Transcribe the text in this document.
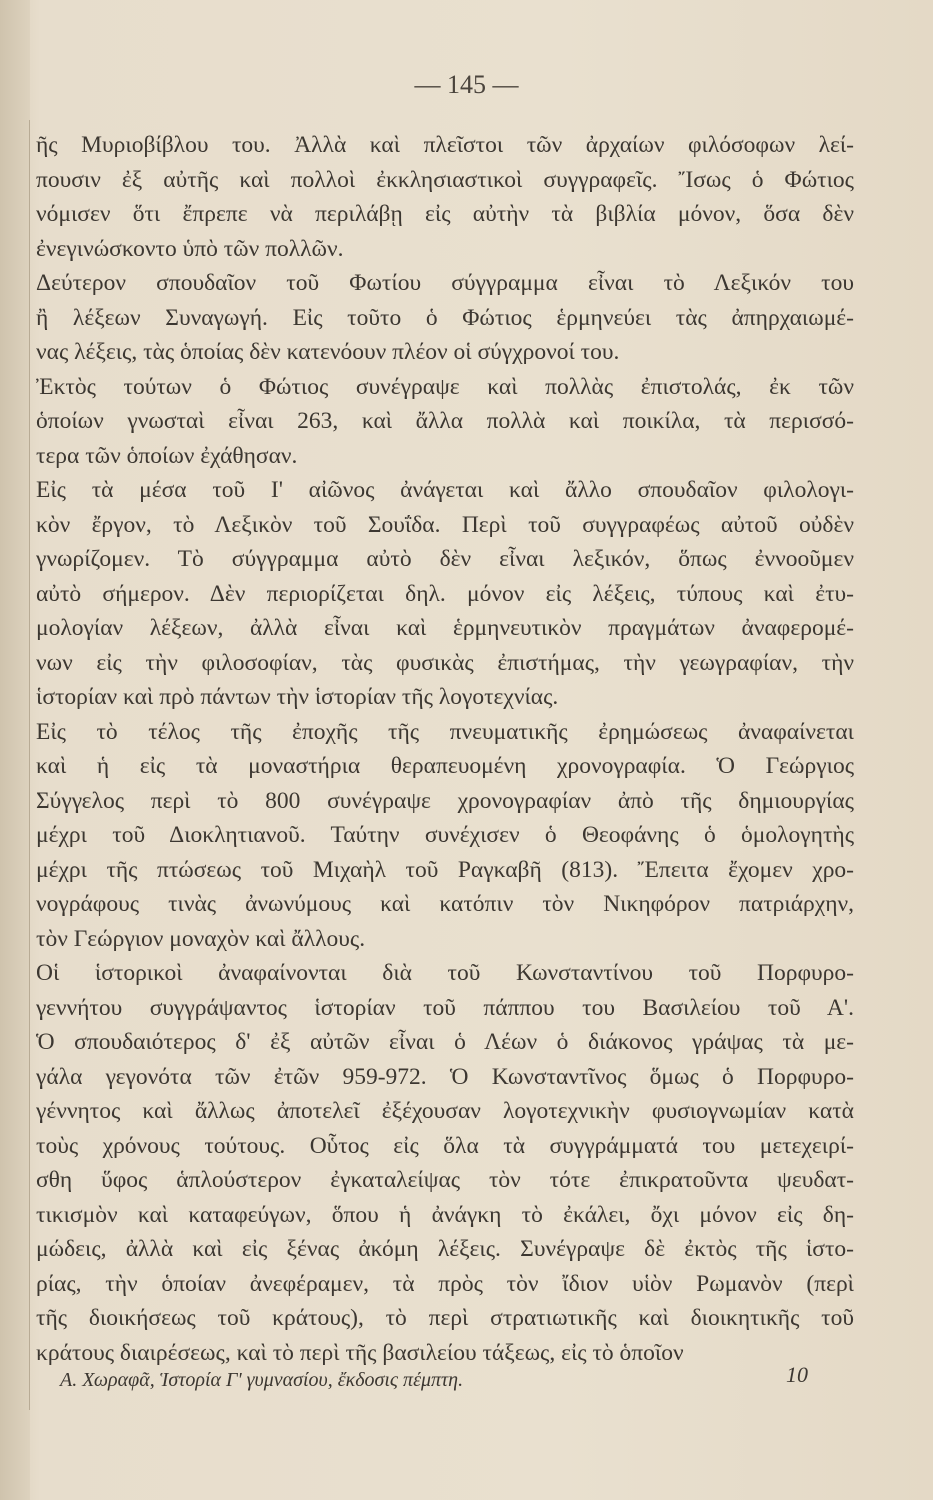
— 145 —
ῆς Μυριοβίβλου του. Ἀλλὰ καὶ πλεῖστοι τῶν ἀρχαίων φιλόσοφων λεί-
πουσιν ἐξ αὐτῆς καὶ πολλοὶ ἐκκλησιαστικοὶ συγγραφεῖς. Ἴσως ὁ Φώτιος
νόμισεν ὅτι ἔπρεπε νὰ περιλάβῃ εἰς αὐτὴν τὰ βιβλία μόνον, ὅσα δὲν
ἐνεγινώσκοντο ὑπὸ τῶν πολλῶν.
Δεύτερον σπουδαῖον τοῦ Φωτίου σύγγραμμα εἶναι τὸ Λεξικόν του
ἢ λέξεων Συναγωγή. Εἰς τοῦτο ὁ Φώτιος ἑρμηνεύει τὰς ἀπηρχαιωμέ-
νας λέξεις, τὰς ὁποίας δὲν κατενόουν πλέον οἱ σύγχρονοί του.
Ἐκτὸς τούτων ὁ Φώτιος συνέγραψε καὶ πολλὰς ἐπιστολάς, ἐκ τῶν
ὁποίων γνωσταὶ εἶναι 263, καὶ ἄλλα πολλὰ καὶ ποικίλα, τὰ περισσό-
τερα τῶν ὁποίων ἐχάθησαν.
Εἰς τὰ μέσα τοῦ Ι' αἰῶνος ἀνάγεται καὶ ἄλλο σπουδαῖον φιλολογι-
κὸν ἔργον, τὸ Λεξικὸν τοῦ Σουΐδα. Περὶ τοῦ συγγραφέως αὐτοῦ οὐδὲν
γνωρίζομεν. Τὸ σύγγραμμα αὐτὸ δὲν εἶναι λεξικόν, ὅπως ἐννοοῦμεν
αὐτὸ σήμερον. Δὲν περιορίζεται δηλ. μόνον εἰς λέξεις, τύπους καὶ ἐτυ-
μολογίαν λέξεων, ἀλλὰ εἶναι καὶ ἑρμηνευτικὸν πραγμάτων ἀναφερομέ-
νων εἰς τὴν φιλοσοφίαν, τὰς φυσικὰς ἐπιστήμας, τὴν γεωγραφίαν, τὴν
ἱστορίαν καὶ πρὸ πάντων τὴν ἱστορίαν τῆς λογοτεχνίας.
Εἰς τὸ τέλος τῆς ἐποχῆς τῆς πνευματικῆς ἐρημώσεως ἀναφαίνεται
καὶ ἡ εἰς τὰ μοναστήρια θεραπευομένη χρονογραφία. Ὁ Γεώργιος
Σύγγελος περὶ τὸ 800 συνέγραψε χρονογραφίαν ἀπὸ τῆς δημιουργίας
μέχρι τοῦ Διοκλητιανοῦ. Ταύτην συνέχισεν ὁ Θεοφάνης ὁ ὁμολογητὴς
μέχρι τῆς πτώσεως τοῦ Μιχαὴλ τοῦ Ραγκαβῆ (813). Ἔπειτα ἔχομεν χρο-
νογράφους τινὰς ἀνωνύμους καὶ κατόπιν τὸν Νικηφόρον πατριάρχην,
τὸν Γεώργιον μοναχὸν καὶ ἄλλους.
Οἱ ἱστορικοὶ ἀναφαίνονται διὰ τοῦ Κωνσταντίνου τοῦ Πορφυρο-
γεννήτου συγγράψαντος ἱστορίαν τοῦ πάππου του Βασιλείου τοῦ Α'.
Ὁ σπουδαιότερος δ' ἐξ αὐτῶν εἶναι ὁ Λέων ὁ διάκονος γράψας τὰ με-
γάλα γεγονότα τῶν ἐτῶν 959-972. Ὁ Κωνσταντῖνος ὅμως ὁ Πορφυρο-
γέννητος καὶ ἄλλως ἀποτελεῖ ἐξέχουσαν λογοτεχνικὴν φυσιογνωμίαν κατὰ
τοὺς χρόνους τούτους. Οὗτος εἰς ὅλα τὰ συγγράμματά του μετεχειρί-
σθη ὕφος ἁπλούστερον ἐγκαταλείψας τὸν τότε ἐπικρατοῦντα ψευδατ-
τικισμὸν καὶ καταφεύγων, ὅπου ἡ ἀνάγκη τὸ ἐκάλει, ὄχι μόνον εἰς δη-
μώδεις, ἀλλὰ καὶ εἰς ξένας ἀκόμη λέξεις. Συνέγραψε δὲ ἐκτὸς τῆς ἱστο-
ρίας, τὴν ὁποίαν ἀνεφέραμεν, τὰ πρὸς τὸν ἴδιον υἱὸν Ρωμανὸν (περὶ
τῆς διοικήσεως τοῦ κράτους), τὸ περὶ στρατιωτικῆς καὶ διοικητικῆς τοῦ
κράτους διαιρέσεως, καὶ τὸ περὶ τῆς βασιλείου τάξεως, εἰς τὸ ὁποῖον
Α. Χωραφᾶ, Ἱστορία Γ' γυμνασίου, ἔκδοσις πέμπτη.	10
